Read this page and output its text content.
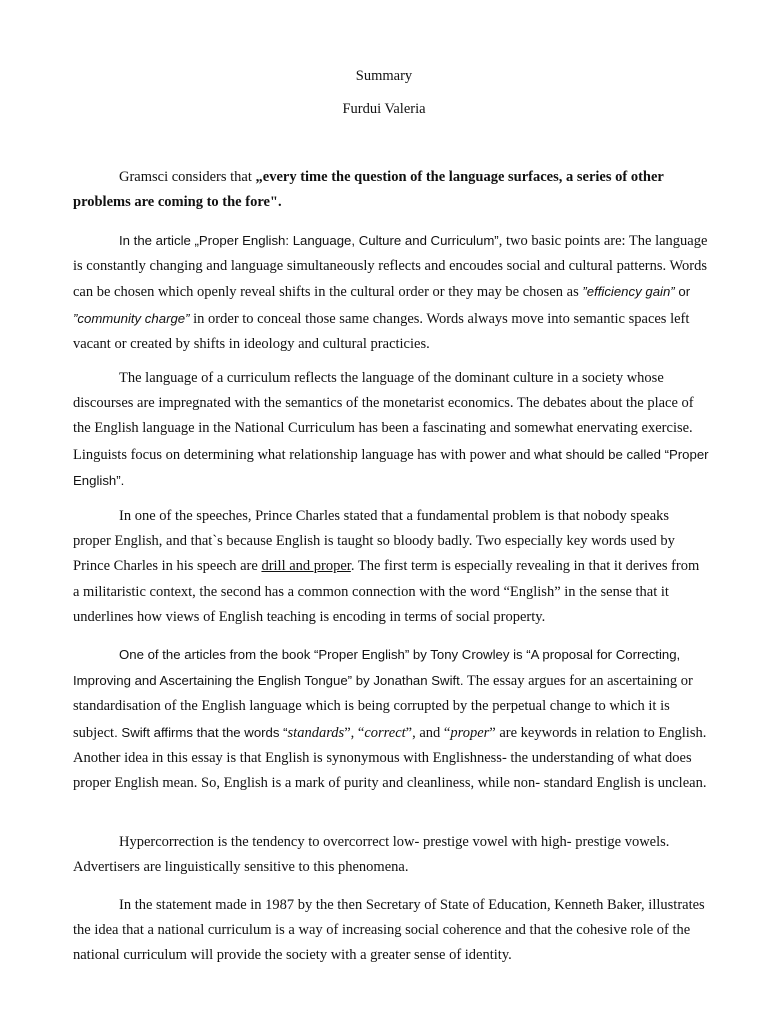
Summary
Furdui Valeria

Gramsci considers that „every time the question of the language surfaces, a series of other problems are coming to the fore".

In the article „Proper English: Language, Culture and Curriculum”, two basic points are: The language is constantly changing and language simultaneously reflects and encoudes social and cultural patterns. Words can be chosen which openly reveal shifts in the cultural order or they may be chosen as ”efficiency gain” or ”community charge” in order to conceal those same changes. Words always move into semantic spaces left vacant or created by shifts in ideology and cultural practicies.

The language of a curriculum reflects the language of the dominant culture in a society whose discourses are impregnated with the semantics of the monetarist economics. The debates about the place of the English language in the National Curriculum has been a fascinating and somewhat enervating exercise. Linguists focus on determining what relationship language has with power and what should be called “Proper English”.

In one of the speeches, Prince Charles stated that a fundamental problem is that nobody speaks proper English, and that`s because English is taught so bloody badly. Two especially key words used by Prince Charles in his speech are drill and proper. The first term is especially revealing in that it derives from a militaristic context, the second has a common connection with the word “English” in the sense that it underlines how views of English teaching is encoding in terms of social property.

One of the articles from the book “Proper English” by Tony Crowley is “A proposal for Correcting, Improving and Ascertaining the English Tongue” by Jonathan Swift. The essay argues for an ascertaining or standardisation of the English language which is being corrupted by the perpetual change to which it is subject. Swift affirms that the words “standards”, “correct”, and “proper” are keywords in relation to English. Another idea in this essay is that English is synonymous with Englishness- the understanding of what does proper English mean. So, English is a mark of purity and cleanliness, while non- standard English is unclean.

Hypercorrection is the tendency to overcorrect low- prestige vowel with high- prestige vowels. Advertisers are linguistically sensitive to this phenomena.

In the statement made in 1987 by the then Secretary of State of Education, Kenneth Baker, illustrates the idea that a national curriculum is a way of increasing social coherence and that the cohesive role of the national curriculum will provide the society with a greater sense of identity.
